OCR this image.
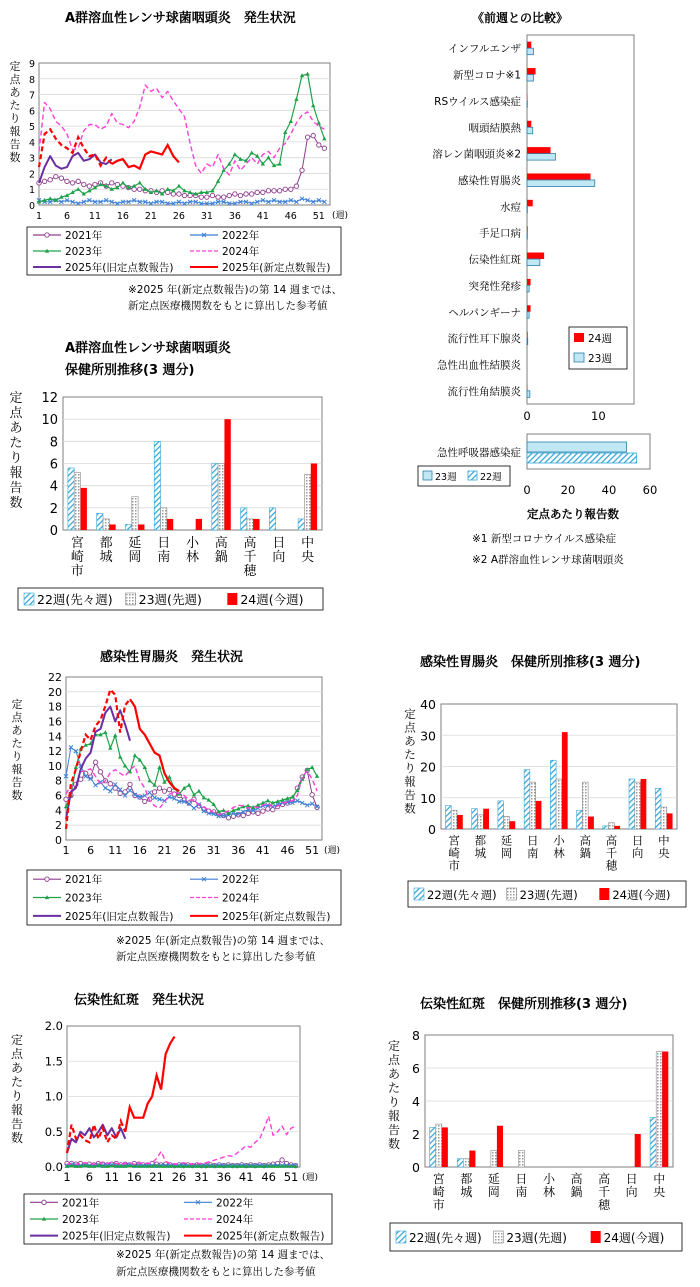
A群溶血性レンサ球菌咽頭炎　発生状況
定
点
あ
た
り
報
告
数
0
1
2
3
4
5
6
7
8
9
1 6 11 16 21 26 31 36 41 46 51 (週)
2021年	2022年
2023年	2024年
2025年(旧定点数報告)	2025年(新定点数報告)
※2025 年(新定点数報告)の第 14 週までは、
新定点医療機関数をもとに算出した参考値
A群溶血性レンサ球菌咽頭炎
保健所別推移(3 週分)
定
点
あ
た
り
報
告
数
0
2
4
6
8
10
12
宮
崎
市
都
城
延
岡
日
南
小
林
高
鍋
高
千
穂
日
向
中
央
22週(先々週) 23週(先週)	24週(今週)
《前週との比較》
インフルエンザ
新型コロナ※1
RSウイルス感染症
咽頭結膜熱
溶レン菌咽頭炎※2
感染性胃腸炎
水痘
手足口病
伝染性紅斑
突発性発疹
ヘルパンギーナ
流行性耳下腺炎
急性出血性結膜炎
流行性角結膜炎
0	10
24週
23週
急性呼吸器感染症
0	20 40 60
23週 22週
定点あたり報告数
※1 新型コロナウイルス感染症
※2 A群溶血性レンサ球菌咽頭炎
感染性胃腸炎　発生状況
定
点
あ
た
り
報
告
数
0
2
4
6
8
10
12
14
16
18
20
22
1 6 11 16 21 26 31 36 41 46 51 (週)
2021年	2022年
2023年	2024年
2025年(旧定点数報告)	2025年(新定点数報告)
※2025 年(新定点数報告)の第 14 週までは、
新定点医療機関数をもとに算出した参考値
感染性胃腸炎　保健所別推移(3 週分)
定
点
あ
た
り
報
告
数
0
10
20
30
40
宮
崎
市
都
城
延
岡
日
南
小
林
高
鍋
高
千
穂
日
向
中
央
22週(先々週) 23週(先週)	24週(今週)
伝染性紅斑　発生状況
定
点
あ
た
り
報
告
数
0.0
0.5
1.0
1.5
2.0
1 6 11 16 21 26 31 36 41 46 51 (週)
2021年	2022年
2023年	2024年
2025年(旧定点数報告)	2025年(新定点数報告)
※2025 年(新定点数報告)の第 14 週までは、
新定点医療機関数をもとに算出した参考値
伝染性紅斑　保健所別推移(3 週分)
定
点
あ
た
り
報
告
数
0
2
4
6
8
宮
崎
市
都
城
延
岡
日
南
小
林
高
鍋
高
千
穂
日
向
中
央
22週(先々週) 23週(先週)	24週(今週)
